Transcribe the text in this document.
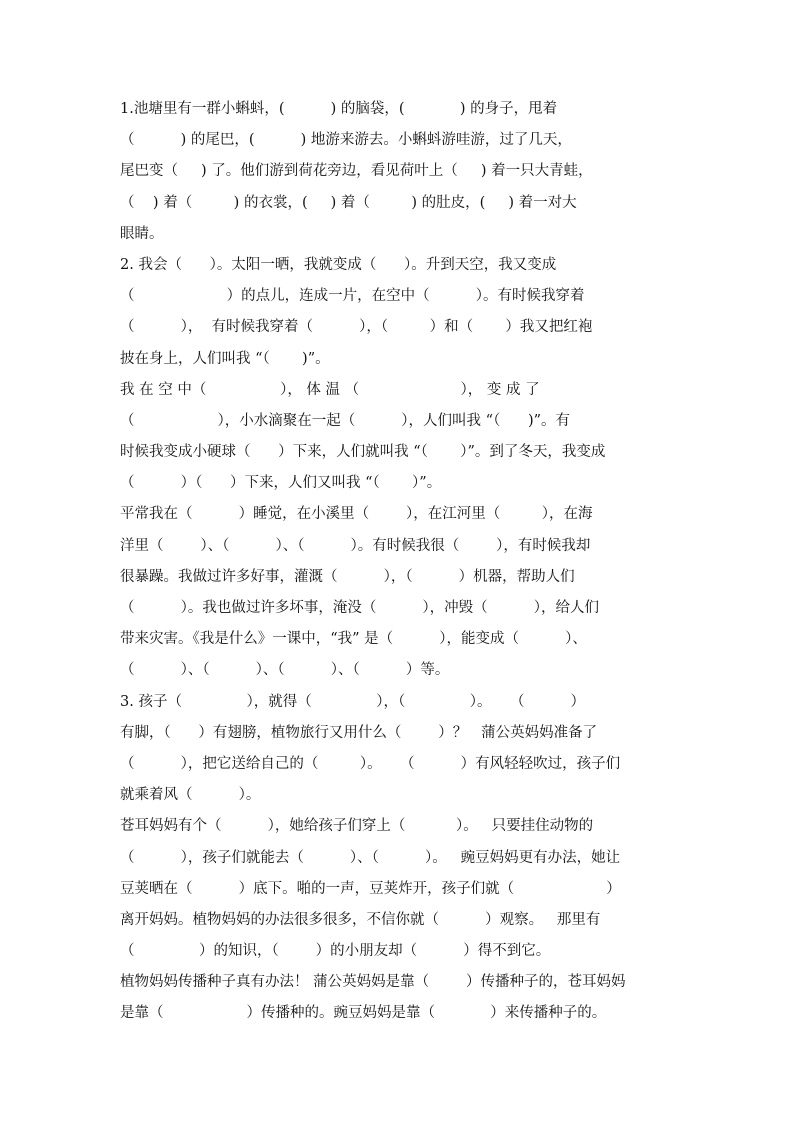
1.池塘里有一群小蝌蚪，(          ) 的脑袋，(            ) 的身子，甩着
（          ) 的尾巴，(          ) 地游来游去。小蝌蚪游哇游，过了几天，
尾巴变（     ) 了。他们游到荷花旁边，看见荷叶上（     ) 着一只大青蛙，
（    ) 着（         ) 的衣裳，(     ) 着（         ) 的肚皮，(     ) 着一对大
眼睛。
2. 我会（      ）。太阳一晒，我就变成（      ）。升到天空，我又变成
（                    ）的点儿，连成一片，在空中（          ）。有时候我穿着
（          ），  有时候我穿着（          ），（         ）和（       ）我又把红袍
披在身上，人们叫我 “（       )”。
我 在 空 中（                ）， 体 温 （                      ）， 变 成 了
（                  ），小水滴聚在一起（          ），人们叫我 “（      )”。有
时候我变成小硬球（      ）下来，人们就叫我 “（       ）”。到了冬天，我变成
（          ）（      ）下来，人们又叫我 “（       ）”。
平常我在（          ）睡觉，在小溪里（        ），在江河里（         ），在海
洋里（        ）、（          ）、（          ）。有时候我很（        ），有时候我却
很暴躁。我做过许多好事，灌溉（          ），（          ）机器，帮助人们
（          ）。我也做过许多坏事，淹没（          ），冲毁（          ），给人们
带来灾害。《我是什么》一课中，“我” 是（          ），能变成（          ）、
（          ）、（          ）、（          ）、（          ）等。
3. 孩子（              ），就得（              ），（              ）。    （          ）
有脚，（      ）有翅膀，植物旅行又用什么（        ）？   蒲公英妈妈准备了
（          ），把它送给自己的（         ）。    （          ）有风轻轻吹过，孩子们
就乘着风（          ）。
苍耳妈妈有个（          ），她给孩子们穿上（           ）。   只要挂住动物的
（          ），孩子们就能去（          ）、（          ）。   豌豆妈妈更有办法，她让
豆荚晒在（          ）底下。啪的一声，豆荚炸开，孩子们就（                    ）
离开妈妈。植物妈妈的办法很多很多，不信你就（          ）观察。   那里有
（              ）的知识，（        ）的小朋友却（          ）得不到它。
植物妈妈传播种子真有办法！ 蒲公英妈妈是靠（        ）传播种子的，苍耳妈妈
是靠（                  ）传播种的。豌豆妈妈是靠（            ）来传播种子的。
